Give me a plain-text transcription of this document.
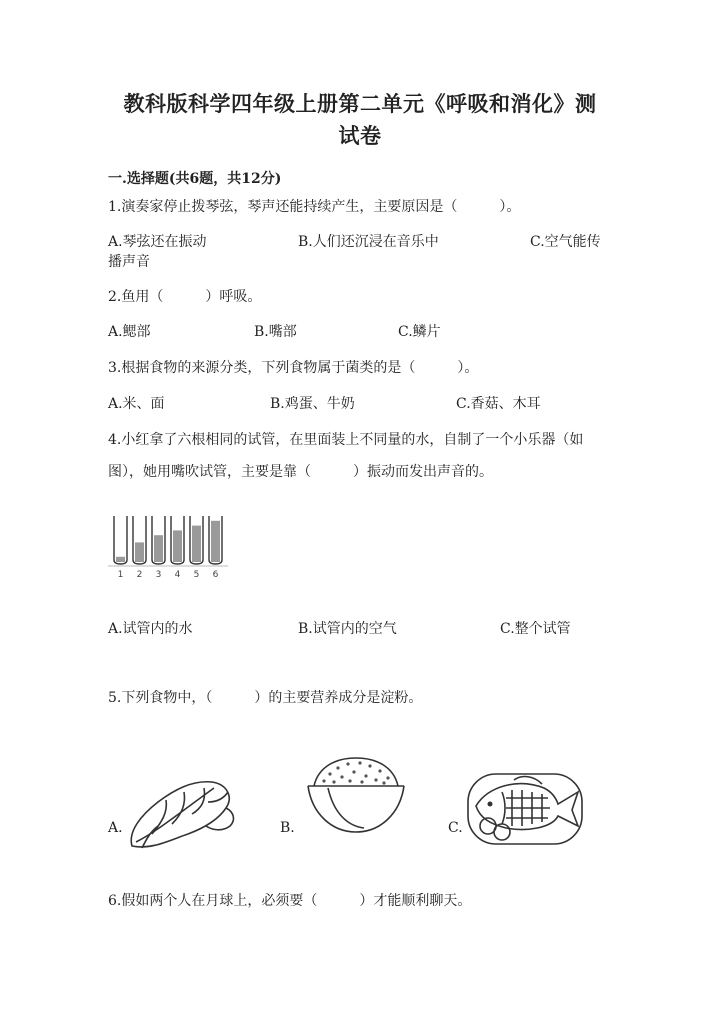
教科版科学四年级上册第二单元《呼吸和消化》测
试卷
一.选择题(共6题，共12分)
1.演奏家停止拨琴弦，琴声还能持续产生，主要原因是（　　　）。
A.琴弦还在振动	B.人们还沉浸在音乐中	C.空气能传
播声音
2.鱼用（　　　）呼吸。
A.鳃部	B.嘴部	C.鳞片
3.根据食物的来源分类，下列食物属于菌类的是（　　　）。
A.米、面	B.鸡蛋、牛奶	C.香菇、木耳
4.小红拿了六根相同的试管，在里面装上不同量的水，自制了一个小乐器（如
图），她用嘴吹试管，主要是靠（　　　）振动而发出声音的。
1 2 3 4 5 6
A.试管内的水	B.试管内的空气	C.整个试管
5.下列食物中，（　　　）的主要营养成分是淀粉。
A.	B.	C.
6.假如两个人在月球上，必须要（　　　）才能顺利聊天。
